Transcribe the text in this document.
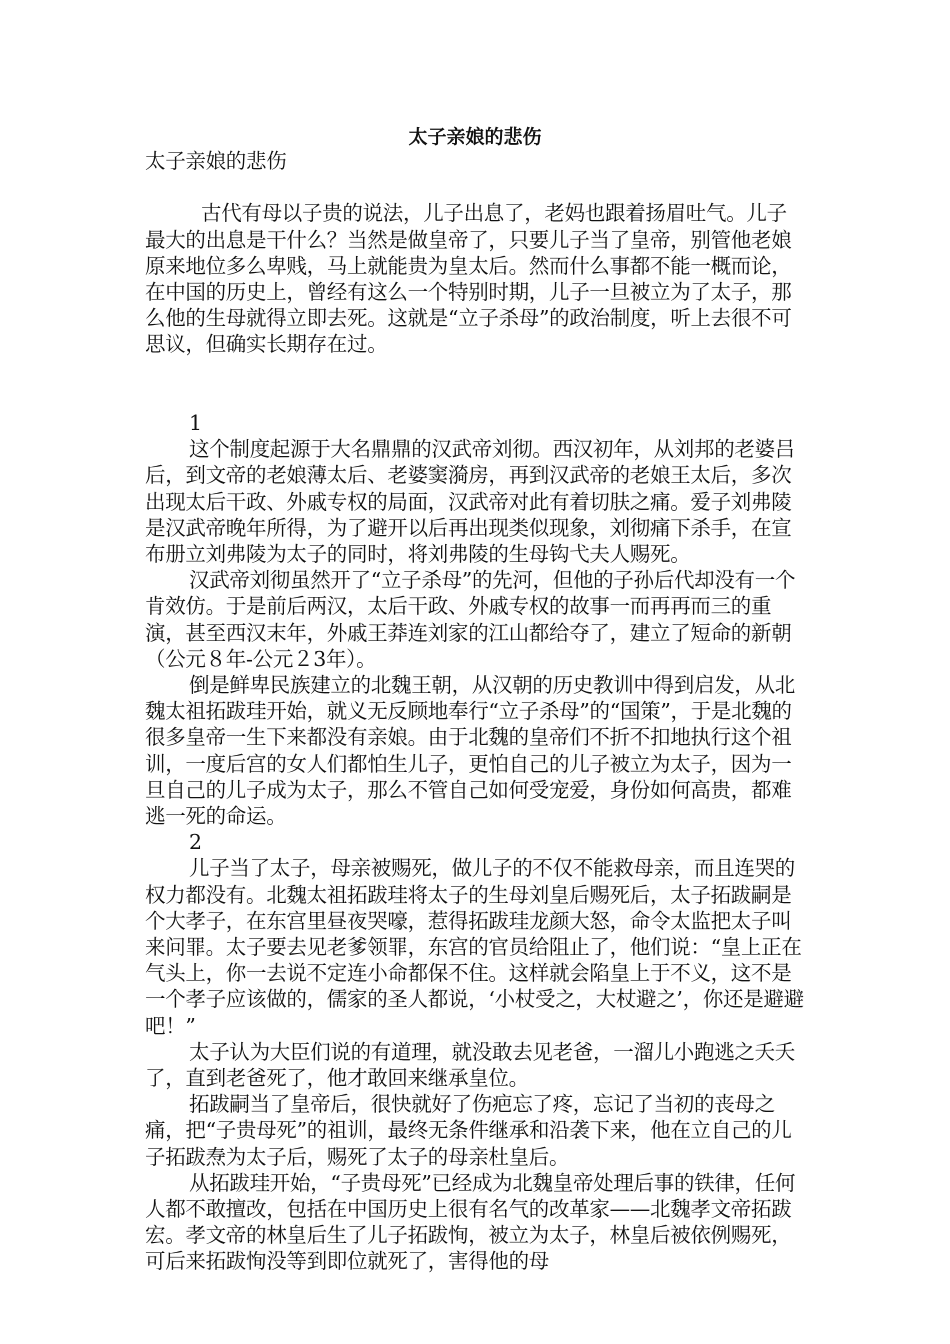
太子亲娘的悲伤

太子亲娘的悲伤

古代有母以子贵的说法，儿子出息了，老妈也跟着扬眉吐气。儿子最大的出息是干什么？当然是做皇帝了，只要儿子当了皇帝，别管他老娘原来地位多么卑贱，马上就能贵为皇太后。然而什么事都不能一概而论，在中国的历史上，曾经有这么一个特别时期，儿子一旦被立为了太子，那么他的生母就得立即去死。这就是“立子杀母”的政治制度，听上去很不可思议，但确实长期存在过。

1

这个制度起源于大名鼎鼎的汉武帝刘彻。西汉初年，从刘邦的老婆吕后，到文帝的老娘薄太后、老婆窦漪房，再到汉武帝的老娘王太后，多次出现太后干政、外戚专权的局面，汉武帝对此有着切肤之痛。爱子刘弗陵是汉武帝晚年所得，为了避开以后再出现类似现象，刘彻痛下杀手，在宣布册立刘弗陵为太子的同时，将刘弗陵的生母钩弋夫人赐死。

汉武帝刘彻虽然开了“立子杀母”的先河，但他的子孙后代却没有一个肯效仿。于是前后两汉，太后干政、外戚专权的故事一而再再而三的重演，甚至西汉末年，外戚王莽连刘家的江山都给夺了，建立了短命的新朝（公元８年-公元２3年）。

倒是鲜卑民族建立的北魏王朝，从汉朝的历史教训中得到启发，从北魏太祖拓跋珪开始，就义无反顾地奉行“立子杀母”的“国策”，于是北魏的很多皇帝一生下来都没有亲娘。由于北魏的皇帝们不折不扣地执行这个祖训，一度后宫的女人们都怕生儿子，更怕自己的儿子被立为太子，因为一旦自己的儿子成为太子，那么不管自己如何受宠爱，身份如何高贵，都难逃一死的命运。

2

儿子当了太子，母亲被赐死，做儿子的不仅不能救母亲，而且连哭的权力都没有。北魏太祖拓跋珪将太子的生母刘皇后赐死后，太子拓跋嗣是个大孝子，在东宫里昼夜哭嚎，惹得拓跋珪龙颜大怒，命令太监把太子叫来问罪。太子要去见老爹领罪，东宫的官员给阻止了，他们说：“皇上正在气头上，你一去说不定连小命都保不住。这样就会陷皇上于不义，这不是一个孝子应该做的，儒家的圣人都说，‘小杖受之，大杖避之’，你还是避避吧！”

太子认为大臣们说的有道理，就没敢去见老爸，一溜儿小跑逃之夭夭了，直到老爸死了，他才敢回来继承皇位。

拓跋嗣当了皇帝后，很快就好了伤疤忘了疼，忘记了当初的丧母之痛，把“子贵母死”的祖训，最终无条件继承和沿袭下来，他在立自己的儿子拓跋焘为太子后，赐死了太子的母亲杜皇后。

从拓跋珪开始，“子贵母死”已经成为北魏皇帝处理后事的铁律，任何人都不敢擅改，包括在中国历史上很有名气的改革家——北魏孝文帝拓跋宏。孝文帝的林皇后生了儿子拓跋恂，被立为太子，林皇后被依例赐死，可后来拓跋恂没等到即位就死了，害得他的母
